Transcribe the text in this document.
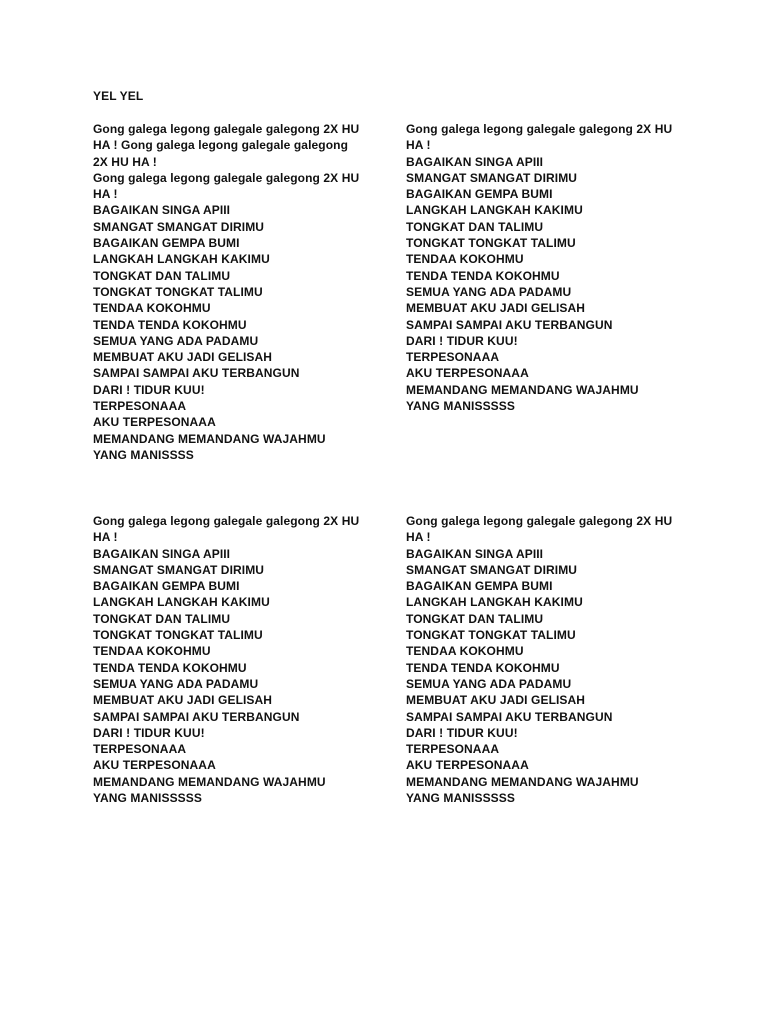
YEL YEL
Gong galega legong galegale galegong 2X HU HA ! Gong galega legong galegale galegong 2X HU HA !
Gong galega legong galegale galegong 2X HU HA !
BAGAIKAN SINGA APIII
SMANGAT SMANGAT DIRIMU
BAGAIKAN GEMPA BUMI
LANGKAH LANGKAH KAKIMU
TONGKAT DAN TALIMU
TONGKAT TONGKAT TALIMU
TENDAA KOKOHMU
TENDA TENDA KOKOHMU
SEMUA YANG ADA PADAMU
MEMBUAT AKU JADI GELISAH
SAMPAI SAMPAI AKU TERBANGUN
DARI ! TIDUR KUU!
TERPESONAAA
AKU TERPESONAAA
MEMANDANG MEMANDANG WAJAHMU
YANG MANISSSS
Gong galega legong galegale galegong 2X HU HA !
BAGAIKAN SINGA APIII
SMANGAT SMANGAT DIRIMU
BAGAIKAN GEMPA BUMI
LANGKAH LANGKAH KAKIMU
TONGKAT DAN TALIMU
TONGKAT TONGKAT TALIMU
TENDAA KOKOHMU
TENDA TENDA KOKOHMU
SEMUA YANG ADA PADAMU
MEMBUAT AKU JADI GELISAH
SAMPAI SAMPAI AKU TERBANGUN
DARI ! TIDUR KUU!
TERPESONAAA
AKU TERPESONAAA
MEMANDANG MEMANDANG WAJAHMU
YANG MANISSSSS
Gong galega legong galegale galegong 2X HU HA !
BAGAIKAN SINGA APIII
SMANGAT SMANGAT DIRIMU
BAGAIKAN GEMPA BUMI
LANGKAH LANGKAH KAKIMU
TONGKAT DAN TALIMU
TONGKAT TONGKAT TALIMU
TENDAA KOKOHMU
TENDA TENDA KOKOHMU
SEMUA YANG ADA PADAMU
MEMBUAT AKU JADI GELISAH
SAMPAI SAMPAI AKU TERBANGUN
DARI ! TIDUR KUU!
TERPESONAAA
AKU TERPESONAAA
MEMANDANG MEMANDANG WAJAHMU
YANG MANISSSSS
Gong galega legong galegale galegong 2X HU HA !
BAGAIKAN SINGA APIII
SMANGAT SMANGAT DIRIMU
BAGAIKAN GEMPA BUMI
LANGKAH LANGKAH KAKIMU
TONGKAT DAN TALIMU
TONGKAT TONGKAT TALIMU
TENDAA KOKOHMU
TENDA TENDA KOKOHMU
SEMUA YANG ADA PADAMU
MEMBUAT AKU JADI GELISAH
SAMPAI SAMPAI AKU TERBANGUN
DARI ! TIDUR KUU!
TERPESONAAA
AKU TERPESONAAA
MEMANDANG MEMANDANG WAJAHMU
YANG MANISSSSS
